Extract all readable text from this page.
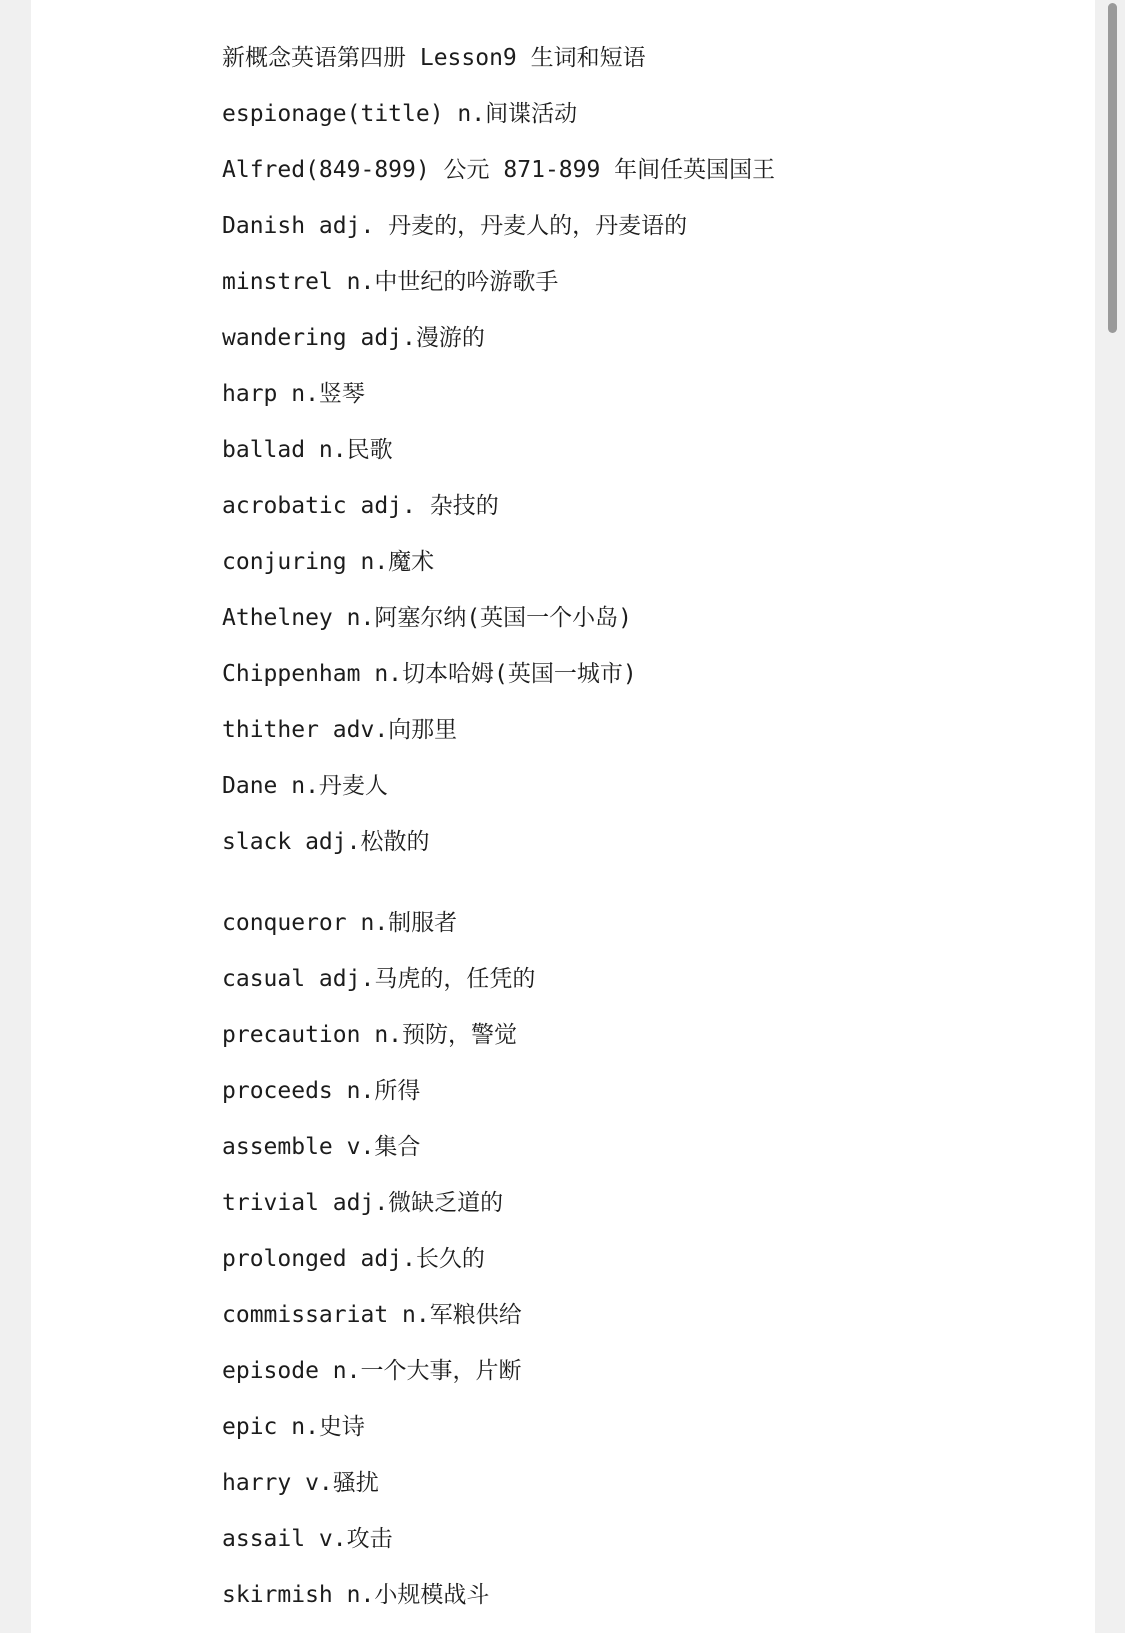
新概念英语第四册 Lesson9 生词和短语
espionage(title) n.间谍活动
Alfred(849-899) 公元 871-899 年间任英国国王
Danish adj. 丹麦的，丹麦人的，丹麦语的
minstrel n.中世纪的吟游歌手
wandering adj.漫游的
harp n.竖琴
ballad n.民歌
acrobatic adj. 杂技的
conjuring n.魔术
Athelney n.阿塞尔纳(英国一个小岛)
Chippenham n.切本哈姆(英国一城市)
thither adv.向那里
Dane n.丹麦人
slack adj.松散的
conqueror n.制服者
casual adj.马虎的，任凭的
precaution n.预防，警觉
proceeds n.所得
assemble v.集合
trivial adj.微缺乏道的
prolonged adj.长久的
commissariat n.军粮供给
episode n.一个大事，片断
epic n.史诗
harry v.骚扰
assail v.攻击
skirmish n.小规模战斗
